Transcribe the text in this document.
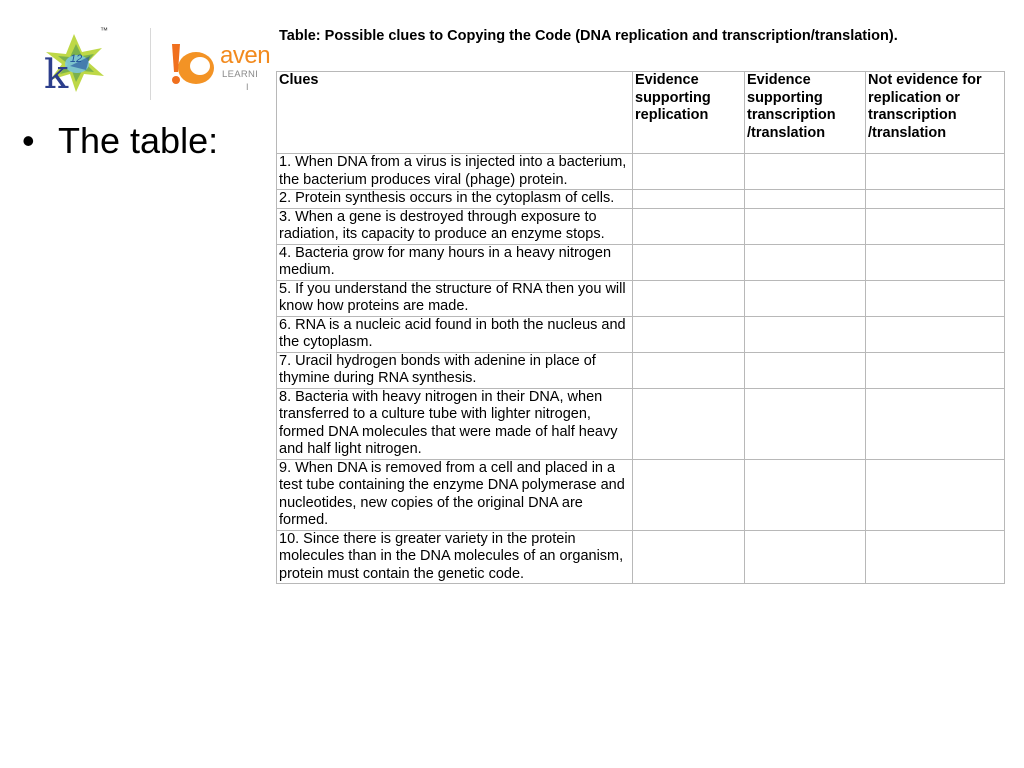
k 12
™
aven
LEARNI
I
• The table:
Table: Possible clues to Copying the Code (DNA replication and transcription/translation).
Clues	Evidence supporting replication	Evidence supporting transcription /translation	Not evidence for replication or transcription /translation
1. When DNA from a virus is injected into a bacterium, the bacterium produces viral (phage) protein.			
2. Protein synthesis occurs in the cytoplasm of cells.			
3. When a gene is destroyed through exposure to radiation, its capacity to produce an enzyme stops.			
4. Bacteria grow for many hours in a heavy nitrogen medium.			
5. If you understand the structure of RNA then you will know how proteins are made.			
6. RNA is a nucleic acid found in both the nucleus and the cytoplasm.			
7. Uracil hydrogen bonds with adenine in place of thymine during RNA synthesis.			
8. Bacteria with heavy nitrogen in their DNA, when transferred to a culture tube with lighter nitrogen, formed DNA molecules that were made of half heavy and half light nitrogen.			
9. When DNA is removed from a cell and placed in a test tube containing the enzyme DNA polymerase and nucleotides, new copies of the original DNA are formed.			
10. Since there is greater variety in the protein molecules than in the DNA molecules of an organism, protein must contain the genetic code.			
